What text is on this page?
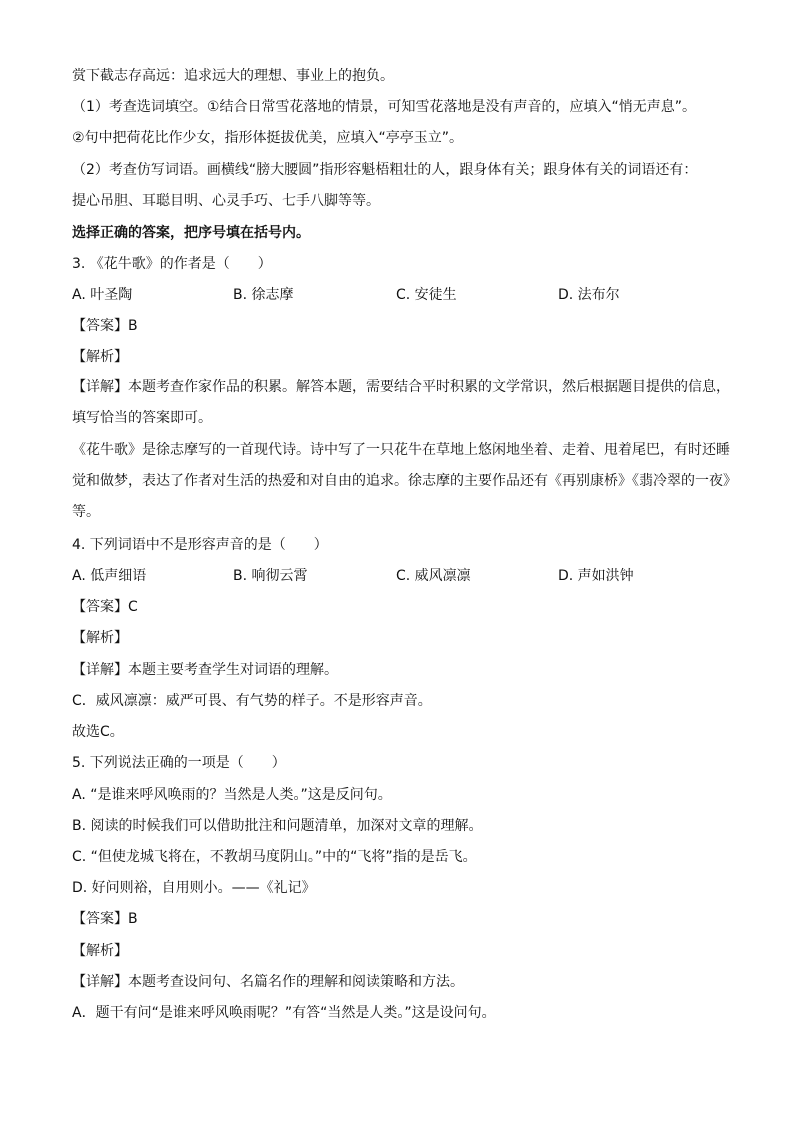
赏下截志存高远：追求远大的理想、事业上的抱负。
（1）考查选词填空。①结合日常雪花落地的情景，可知雪花落地是没有声音的，应填入“悄无声息”。
②句中把荷花比作少女，指形体挺拔优美，应填入“亭亭玉立”。
（2）考查仿写词语。画横线“膀大腰圆”指形容魁梧粗壮的人，跟身体有关；跟身体有关的词语还有：
提心吊胆、耳聪目明、心灵手巧、七手八脚等等。
选择正确的答案，把序号填在括号内。
3. 《花牛歌》的作者是（　　）
A. 叶圣陶	B. 徐志摩	C. 安徒生	D. 法布尔
【答案】B
【解析】
【详解】本题考查作家作品的积累。解答本题，需要结合平时积累的文学常识，然后根据题目提供的信息，填写恰当的答案即可。
《花牛歌》是徐志摩写的一首现代诗。诗中写了一只花牛在草地上悠闲地坐着、走着、甩着尾巴，有时还睡觉和做梦，表达了作者对生活的热爱和对自由的追求。徐志摩的主要作品还有《再别康桥》《翡冷翠的一夜》等。
4. 下列词语中不是形容声音的是（　　）
A. 低声细语	B. 响彻云霄	C. 威风凛凛	D. 声如洪钟
【答案】C
【解析】
【详解】本题主要考查学生对词语的理解。
C．威风凛凛：威严可畏、有气势的样子。不是形容声音。
故选C。
5. 下列说法正确的一项是（　　）
A. “是谁来呼风唤雨的？当然是人类。”这是反问句。
B. 阅读的时候我们可以借助批注和问题清单，加深对文章的理解。
C. “但使龙城飞将在，不教胡马度阴山。”中的“飞将”指的是岳飞。
D. 好问则裕，自用则小。——《礼记》
【答案】B
【解析】
【详解】本题考查设问句、名篇名作的理解和阅读策略和方法。
A．题干有问“是谁来呼风唤雨呢？”有答“当然是人类。”这是设问句。
